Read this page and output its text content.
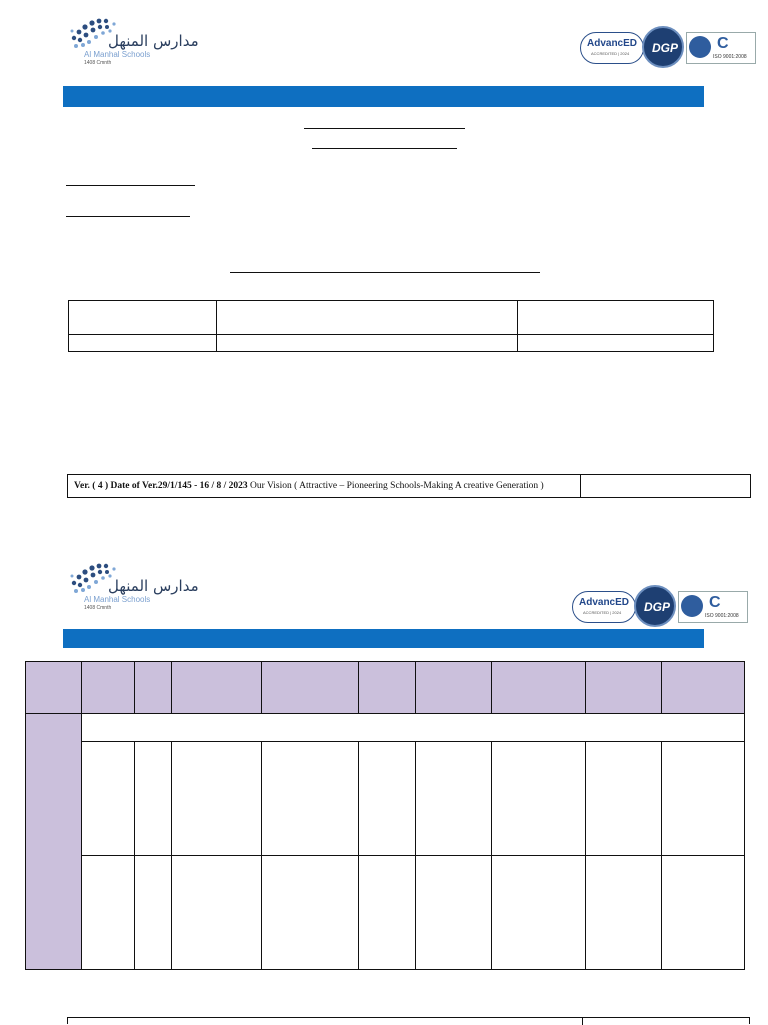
مدارس المنهل
Al Manhal Schools
1408 Cmnth
AdvancED
ACCREDITED | 2024 DGP C
ISO 9001:2008

Ver. ( 4 ) Date of Ver.29/1/145 - 16 / 8 / 2023 Our Vision ( Attractive – Pioneering Schools-Making A creative Generation )	
مدارس المنهل
Al Manhal Schools
1408 Cmnth	AdvancED
ACCREDITED | 2024 DGP C
ISO 9001:2008
